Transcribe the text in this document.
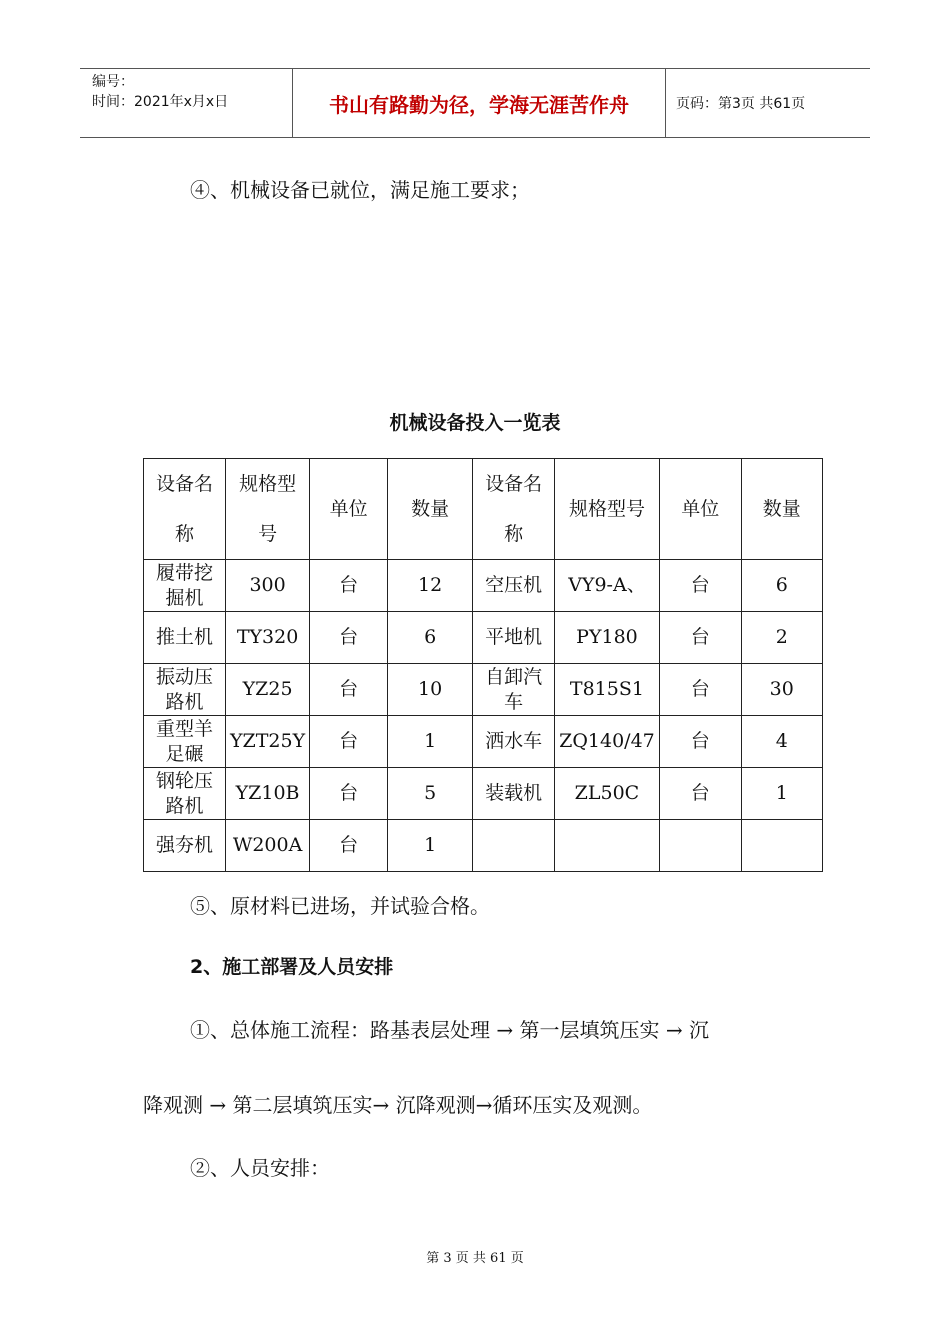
编号：
时间：2021年x月x日	书山有路勤为径，学海无涯苦作舟	页码：第3页 共61页
④、机械设备已就位，满足施工要求；
机械设备投入一览表
设备名称	规格型号	单位	数量	设备名称	规格型号	单位	数量
履带挖掘机	300	台	12	空压机	VY9-A、	台	6
推土机	TY320	台	6	平地机	PY180	台	2
振动压路机	YZ25	台	10	自卸汽车	T815S1	台	30
重型羊足碾	YZT25Y	台	1	洒水车	ZQ140/47	台	4
钢轮压路机	YZ10B	台	5	装载机	ZL50C	台	1
强夯机	W200A	台	1				
⑤、原材料已进场，并试验合格。
2、施工部署及人员安排
①、总体施工流程：路基表层处理 → 第一层填筑压实 → 沉
降观测 → 第二层填筑压实→ 沉降观测→循环压实及观测。
②、人员安排：
第 3 页 共 61 页
